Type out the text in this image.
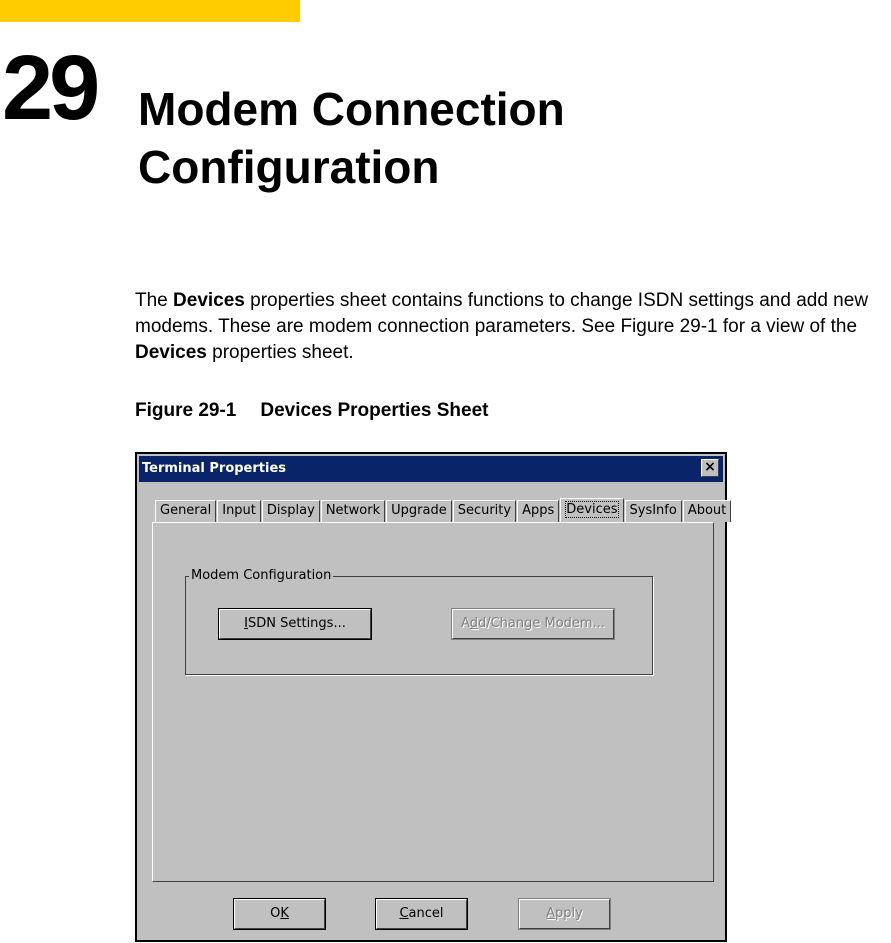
29 Modem Connection
Configuration
The Devices properties sheet contains functions to change ISDN settings and add new modems. These are modem connection parameters. See Figure 29-1 for a view of the Devices properties sheet.
Figure 29-1 Devices Properties Sheet
Terminal Properties	×
General Input Display Network Upgrade Security Apps Devices SysInfo About
Modem Configuration
ISDN Settings...	Add/Change Modem...
OK	Cancel	Apply
